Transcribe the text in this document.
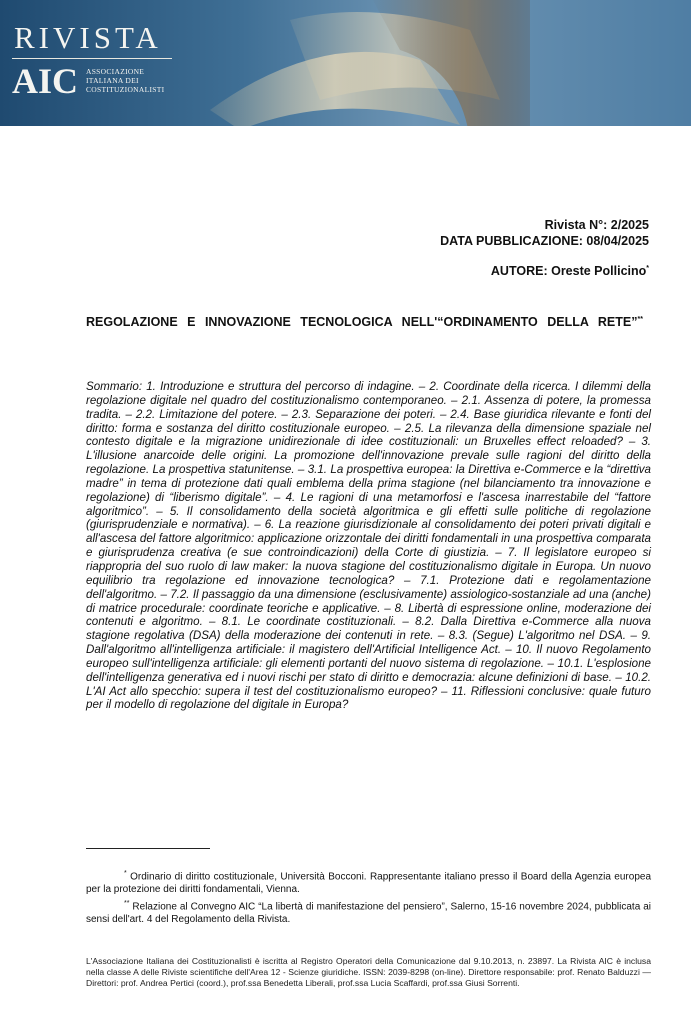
RIVISTA
AIC ASSOCIAZIONE
ITALIANA DEI
COSTITUZIONALISTI
Rivista N°: 2/2025
DATA PUBBLICAZIONE: 08/04/2025
AUTORE: Oreste Pollicino*
REGOLAZIONE E INNOVAZIONE TECNOLOGICA NELL'“ORDINAMENTO DELLA RETE”**
Sommario: 1. Introduzione e struttura del percorso di indagine. – 2. Coordinate della ricerca. I dilemmi della regolazione digitale nel quadro del costituzionalismo contemporaneo. – 2.1. Assenza di potere, la promessa tradita. – 2.2. Limitazione del potere. – 2.3. Separazione dei poteri. – 2.4. Base giuridica rilevante e fonti del diritto: forma e sostanza del diritto costituzionale europeo. – 2.5. La rilevanza della dimensione spaziale nel contesto digitale e la migrazione unidirezionale di idee costituzionali: un Bruxelles effect reloaded? – 3. L'illusione anarcoide delle origini. La promozione dell'innovazione prevale sulle ragioni del diritto della regolazione. La prospettiva statunitense. – 3.1. La prospettiva europea: la Direttiva e-Commerce e la “direttiva madre” in tema di protezione dati quali emblema della prima stagione (nel bilanciamento tra innovazione e regolazione) di “liberismo digitale”. – 4. Le ragioni di una metamorfosi e l'ascesa inarrestabile del “fattore algoritmico”. – 5. Il consolidamento della società algoritmica e gli effetti sulle politiche di regolazione (giurisprudenziale e normativa). – 6. La reazione giurisdizionale al consolidamento dei poteri privati digitali e all'ascesa del fattore algoritmico: applicazione orizzontale dei diritti fondamentali in una prospettiva comparata e giurisprudenza creativa (e sue controindicazioni) della Corte di giustizia. – 7. Il legislatore europeo si riappropria del suo ruolo di law maker: la nuova stagione del costituzionalismo digitale in Europa. Un nuovo equilibrio tra regolazione ed innovazione tecnologica? – 7.1. Protezione dati e regolamentazione dell'algoritmo. – 7.2. Il passaggio da una dimensione (esclusivamente) assiologico-sostanziale ad una (anche) di matrice procedurale: coordinate teoriche e applicative. – 8. Libertà di espressione online, moderazione dei contenuti e algoritmo. – 8.1. Le coordinate costituzionali. – 8.2. Dalla Direttiva e-Commerce alla nuova stagione regolativa (DSA) della moderazione dei contenuti in rete. – 8.3. (Segue) L'algoritmo nel DSA. – 9. Dall'algoritmo all'intelligenza artificiale: il magistero dell'Artificial Intelligence Act. – 10. Il nuovo Regolamento europeo sull'intelligenza artificiale: gli elementi portanti del nuovo sistema di regolazione. – 10.1. L'esplosione dell'intelligenza generativa ed i nuovi rischi per stato di diritto e democrazia: alcune definizioni di base. – 10.2. L'AI Act allo specchio: supera il test del costituzionalismo europeo? – 11. Riflessioni conclusive: quale futuro per il modello di regolazione del digitale in Europa?
* Ordinario di diritto costituzionale, Università Bocconi. Rappresentante italiano presso il Board della Agenzia europea per la protezione dei diritti fondamentali, Vienna.
** Relazione al Convegno AIC “La libertà di manifestazione del pensiero”, Salerno, 15-16 novembre 2024, pubblicata ai sensi dell'art. 4 del Regolamento della Rivista.
L'Associazione Italiana dei Costituzionalisti è iscritta al Registro Operatori della Comunicazione dal 9.10.2013, n. 23897. La Rivista AIC è inclusa nella classe A delle Riviste scientifiche dell'Area 12 - Scienze giuridiche. ISSN: 2039-8298 (on-line). Direttore responsabile: prof. Renato Balduzzi — Direttori: prof. Andrea Pertici (coord.), prof.ssa Benedetta Liberali, prof.ssa Lucia Scaffardi, prof.ssa Giusi Sorrenti.
